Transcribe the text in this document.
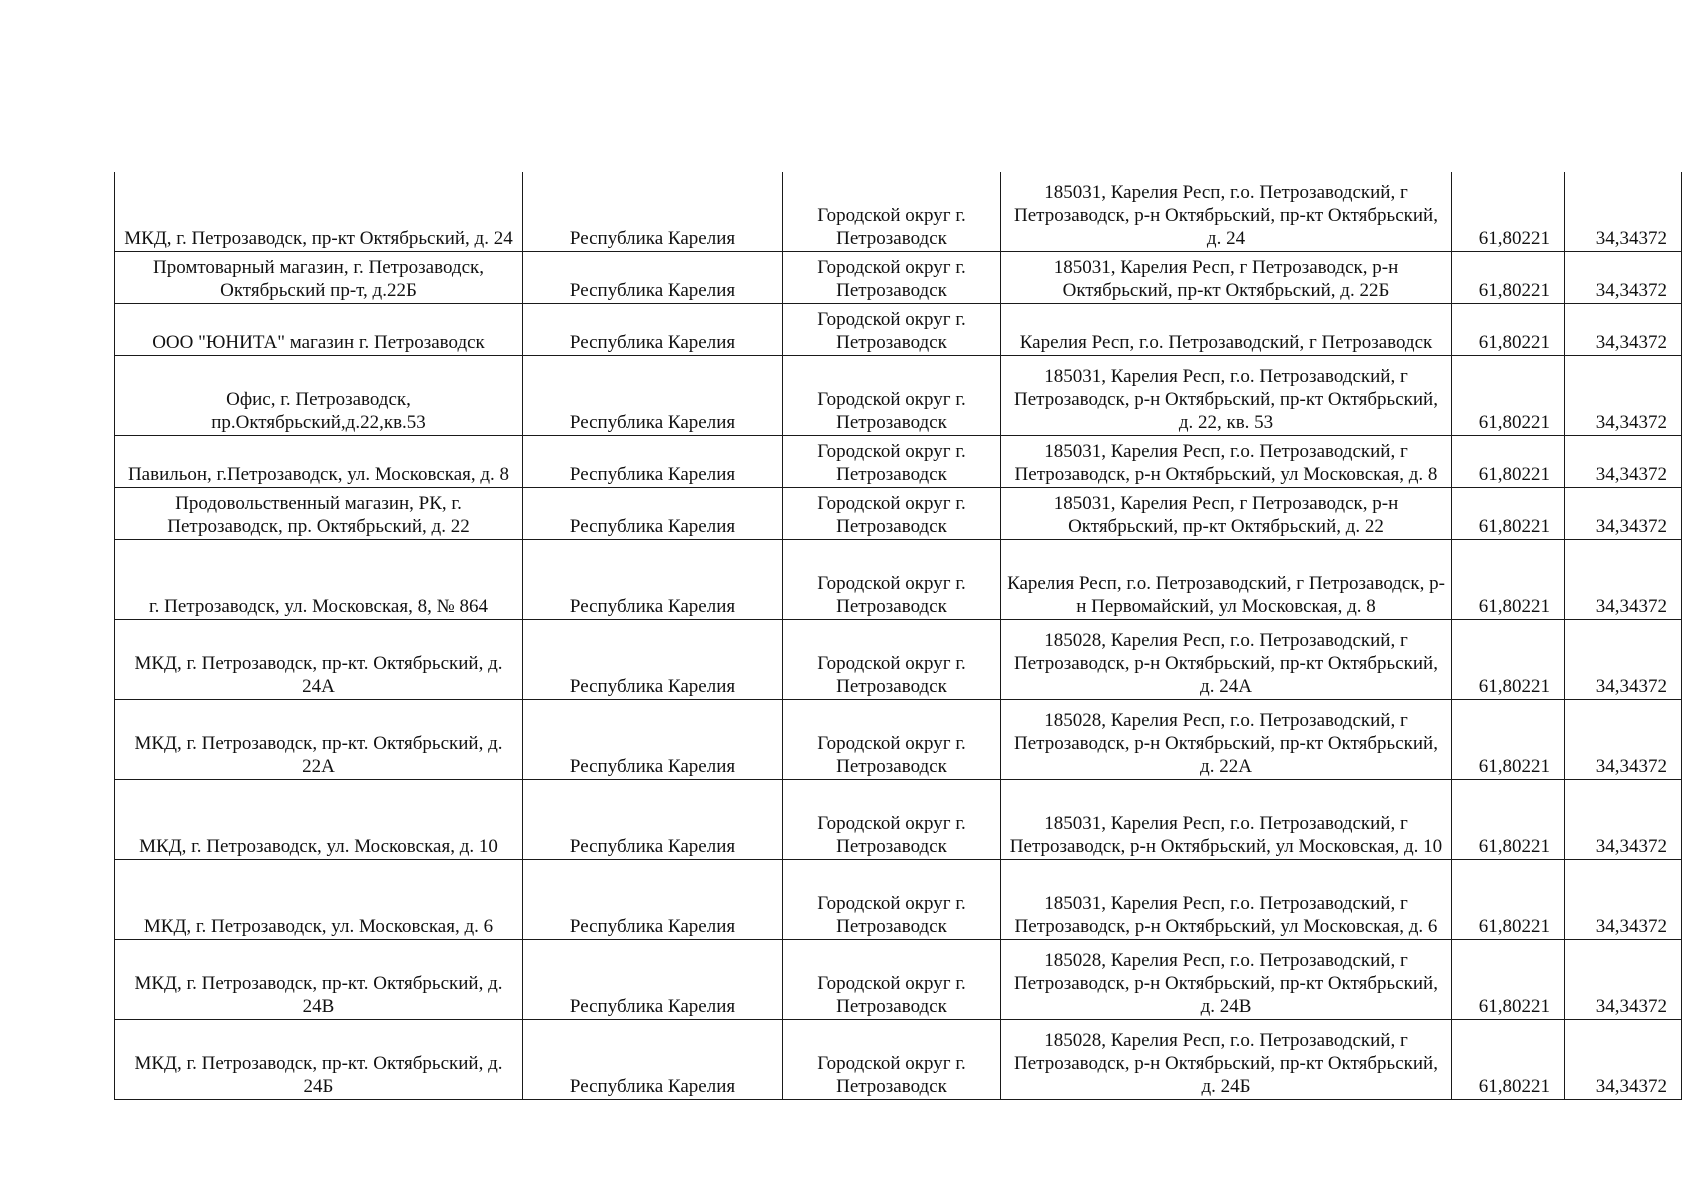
МКД, г. Петрозаводск, пр-кт Октябрьский, д. 24	Республика Карелия	Городской округ г. Петрозаводск	185031, Карелия Респ, г.о. Петрозаводский, г Петрозаводск, р-н Октябрьский, пр-кт Октябрьский, д. 24	61,80221	34,34372
Промтоварный магазин, г. Петрозаводск, Октябрьский пр-т, д.22Б	Республика Карелия	Городской округ г. Петрозаводск	185031, Карелия Респ, г Петрозаводск, р-н Октябрьский, пр-кт Октябрьский, д. 22Б	61,80221	34,34372
ООО "ЮНИТА" магазин г. Петрозаводск	Республика Карелия	Городской округ г. Петрозаводск	Карелия Респ, г.о. Петрозаводский, г Петрозаводск	61,80221	34,34372
Офис, г. Петрозаводск, пр.Октябрьский,д.22,кв.53	Республика Карелия	Городской округ г. Петрозаводск	185031, Карелия Респ, г.о. Петрозаводский, г Петрозаводск, р-н Октябрьский, пр-кт Октябрьский, д. 22, кв. 53	61,80221	34,34372
Павильон, г.Петрозаводск, ул. Московская, д. 8	Республика Карелия	Городской округ г. Петрозаводск	185031, Карелия Респ, г.о. Петрозаводский, г Петрозаводск, р-н Октябрьский, ул Московская, д. 8	61,80221	34,34372
Продовольственный магазин, РК, г. Петрозаводск, пр. Октябрьский, д. 22	Республика Карелия	Городской округ г. Петрозаводск	185031, Карелия Респ, г Петрозаводск, р-н Октябрьский, пр-кт Октябрьский, д. 22	61,80221	34,34372
г. Петрозаводск, ул. Московская, 8, № 864	Республика Карелия	Городской округ г. Петрозаводск	Карелия Респ, г.о. Петрозаводский, г Петрозаводск, р-н Первомайский, ул Московская, д. 8	61,80221	34,34372
МКД, г. Петрозаводск, пр-кт. Октябрьский, д. 24А	Республика Карелия	Городской округ г. Петрозаводск	185028, Карелия Респ, г.о. Петрозаводский, г Петрозаводск, р-н Октябрьский, пр-кт Октябрьский, д. 24А	61,80221	34,34372
МКД, г. Петрозаводск, пр-кт. Октябрьский, д. 22А	Республика Карелия	Городской округ г. Петрозаводск	185028, Карелия Респ, г.о. Петрозаводский, г Петрозаводск, р-н Октябрьский, пр-кт Октябрьский, д. 22А	61,80221	34,34372
МКД, г. Петрозаводск, ул. Московская, д. 10	Республика Карелия	Городской округ г. Петрозаводск	185031, Карелия Респ, г.о. Петрозаводский, г Петрозаводск, р-н Октябрьский, ул Московская, д. 10	61,80221	34,34372
МКД, г. Петрозаводск, ул. Московская, д. 6	Республика Карелия	Городской округ г. Петрозаводск	185031, Карелия Респ, г.о. Петрозаводский, г Петрозаводск, р-н Октябрьский, ул Московская, д. 6	61,80221	34,34372
МКД, г. Петрозаводск, пр-кт. Октябрьский, д. 24В	Республика Карелия	Городской округ г. Петрозаводск	185028, Карелия Респ, г.о. Петрозаводский, г Петрозаводск, р-н Октябрьский, пр-кт Октябрьский, д. 24В	61,80221	34,34372
МКД, г. Петрозаводск, пр-кт. Октябрьский, д. 24Б	Республика Карелия	Городской округ г. Петрозаводск	185028, Карелия Респ, г.о. Петрозаводский, г Петрозаводск, р-н Октябрьский, пр-кт Октябрьский, д. 24Б	61,80221	34,34372
